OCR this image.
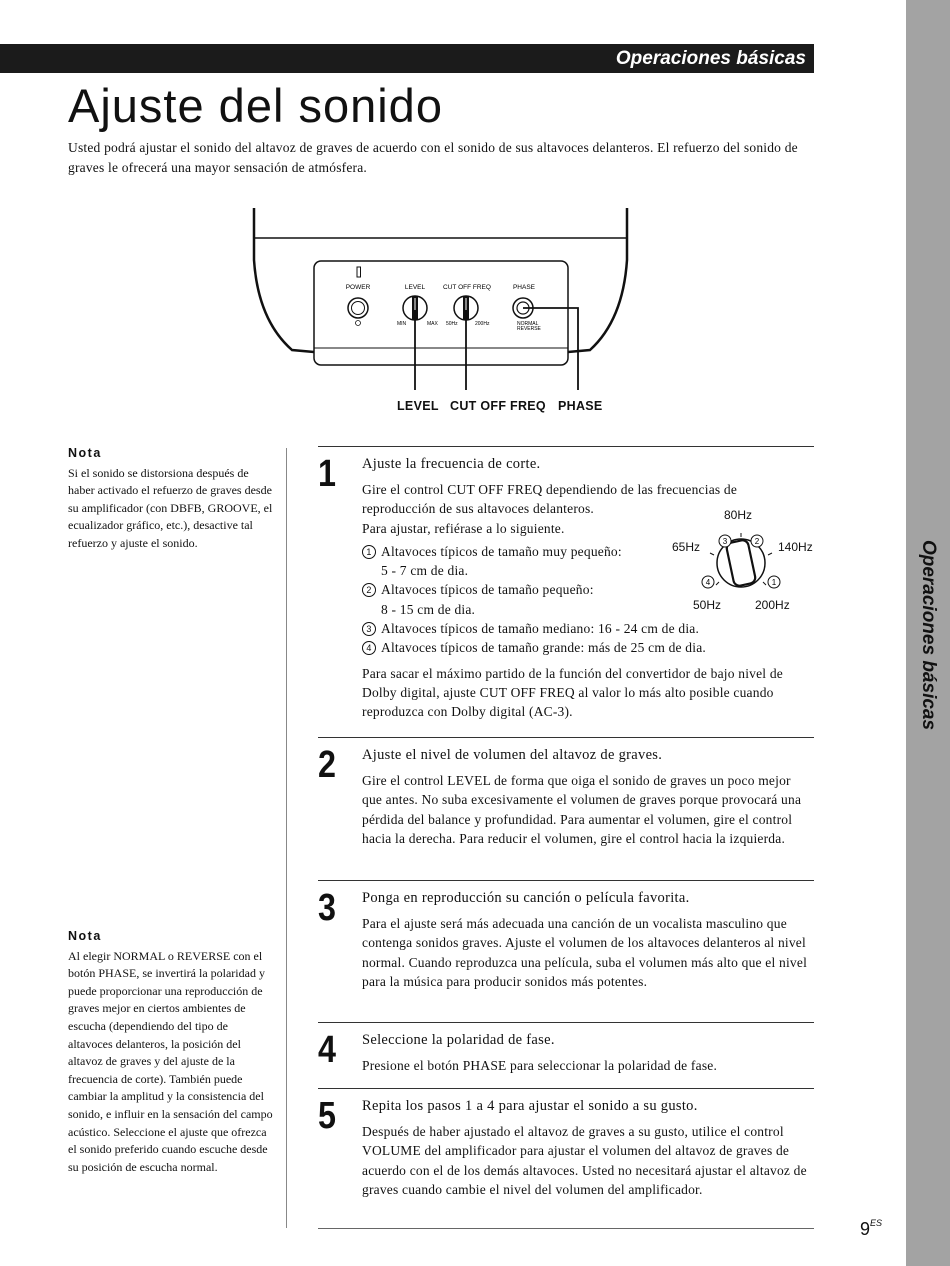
Operaciones básicas
Operaciones básicas
Ajuste del sonido
Usted podrá ajustar el sonido del altavoz de graves de acuerdo con el sonido de sus altavoces delanteros. El refuerzo del sonido de graves le ofrecerá una mayor sensación de atmósfera.
POWER	LEVEL	CUT OFF FREQ	PHASE
MIN	MAX 50Hz	200Hz	NORMAL
REVERSE
LEVEL CUT OFF FREQ PHASE
Nota
Si el sonido se distorsiona después de haber activado el refuerzo de graves desde su amplificador (con DBFB, GROOVE, el ecualizador gráfico, etc.), desactive tal refuerzo y ajuste el sonido.
Nota
Al elegir NORMAL o REVERSE con el botón PHASE, se invertirá la polaridad y puede proporcionar una reproducción de graves mejor en ciertos ambientes de escucha (dependiendo del tipo de altavoces delanteros, la posición del altavoz de graves y del ajuste de la frecuencia de corte). También puede cambiar la amplitud y la consistencia del sonido, e influir en la sensación del campo acústico. Seleccione el ajuste que ofrezca el sonido preferido cuando escuche desde su posición de escucha normal.
1 Ajuste la frecuencia de corte.

Gire el control CUT OFF FREQ dependiendo de las frecuencias de reproducción de sus altavoces delanteros.

Para ajustar, refiérase a lo siguiente.

1 Altavoces típicos de tamaño muy pequeño:
5 - 7 cm de dia.
2 Altavoces típicos de tamaño pequeño:
8 - 15 cm de dia.
3 Altavoces típicos de tamaño mediano: 16 - 24 cm de dia.
4 Altavoces típicos de tamaño grande: más de 25 cm de dia.

Para sacar el máximo partido de la función del convertidor de bajo nivel de Dolby digital, ajuste CUT OFF FREQ al valor lo más alto posible cuando reproduzca con Dolby digital (AC-3).

3	2
4	1
80Hz
65Hz	140Hz
50Hz	200Hz
2 Ajuste el nivel de volumen del altavoz de graves.

Gire el control LEVEL de forma que oiga el sonido de graves un poco mejor que antes. No suba excesivamente el volumen de graves porque provocará una pérdida del balance y profundidad. Para aumentar el volumen, gire el control hacia la derecha. Para reducir el volumen, gire el control hacia la izquierda.

3 Ponga en reproducción su canción o película favorita.

Para el ajuste será más adecuada una canción de un vocalista masculino que contenga sonidos graves. Ajuste el volumen de los altavoces delanteros al nivel normal. Cuando reproduzca una película, suba el volumen más alto que el nivel para la música para producir sonidos más potentes.

4 Seleccione la polaridad de fase.

Presione el botón PHASE para seleccionar la polaridad de fase.

5 Repita los pasos 1 a 4 para ajustar el sonido a su gusto.

Después de haber ajustado el altavoz de graves a su gusto, utilice el control VOLUME del amplificador para ajustar el volumen del altavoz de graves de acuerdo con el de los demás altavoces. Usted no necesitará ajustar el altavoz de graves cuando cambie el nivel del volumen del amplificador.

$9^{ES}$
